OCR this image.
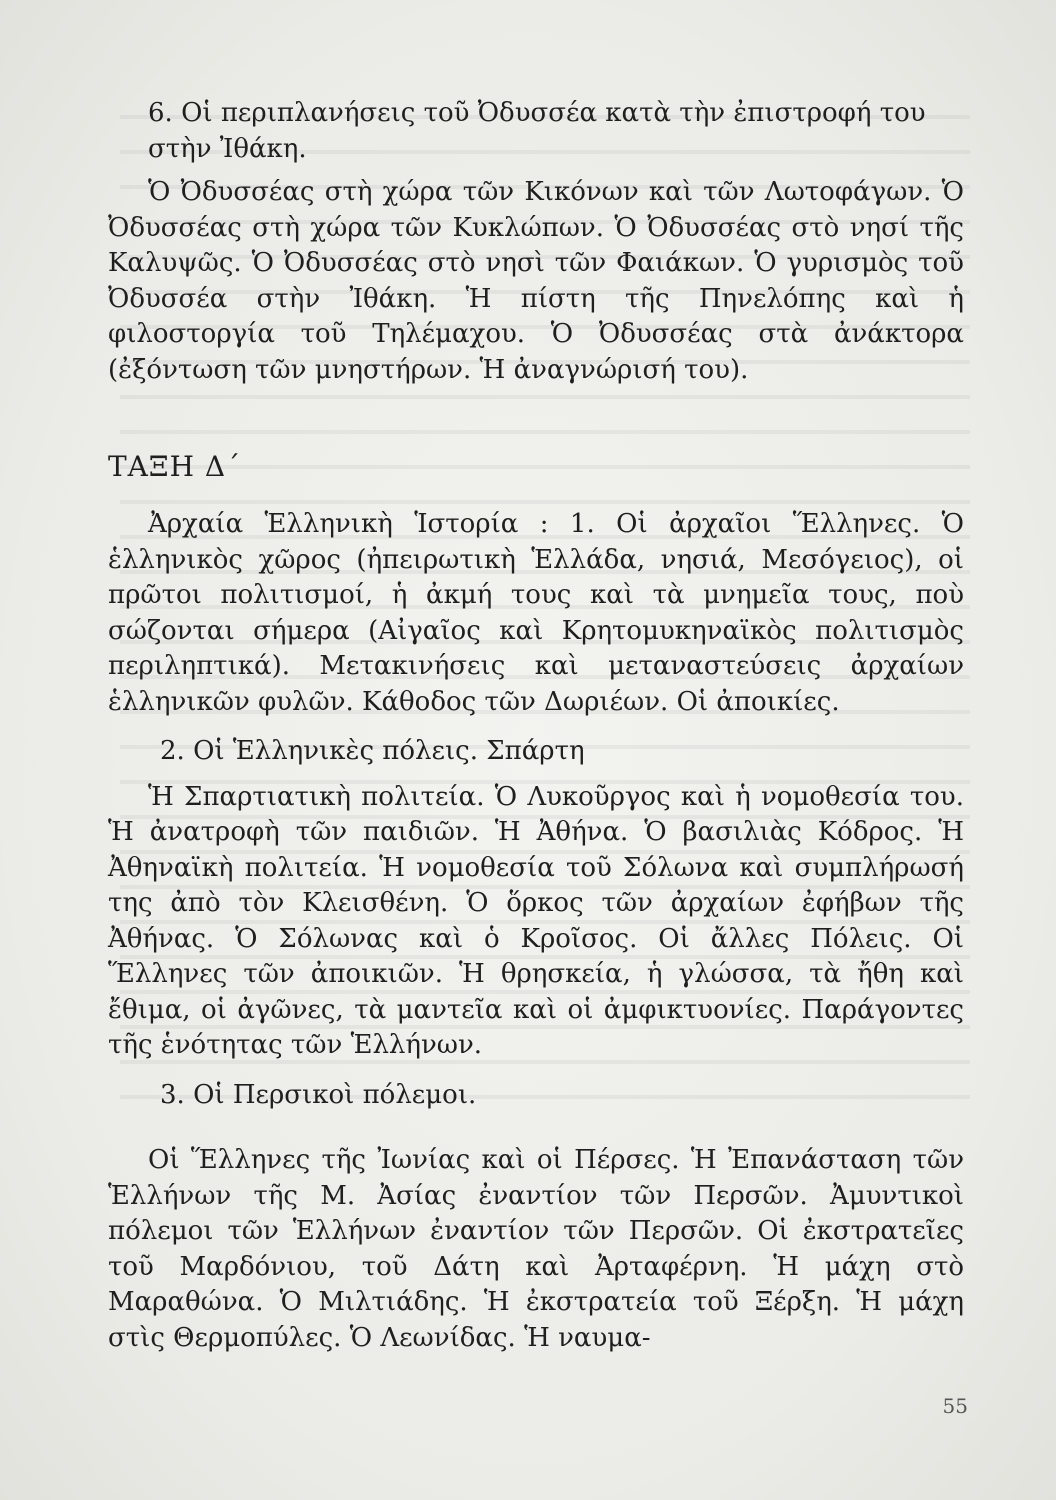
6. Οἱ περιπλανήσεις τοῦ Ὀδυσσέα κατὰ τὴν ἐπιστροφή του στὴν Ἰθάκη.

Ὁ Ὀδυσσέας στὴ χώρα τῶν Κικόνων καὶ τῶν Λωτοφάγων. Ὁ Ὀδυσσέας στὴ χώρα τῶν Κυκλώπων. Ὁ Ὀδυσσέας στὸ νησί τῆς Καλυψῶς. Ὁ Ὀδυσσέας στὸ νησὶ τῶν Φαιάκων. Ὁ γυρισμὸς τοῦ Ὀδυσσέα στὴν Ἰθάκη. Ἡ πίστη τῆς Πηνελόπης καὶ ἡ φιλοστοργία τοῦ Τηλέμαχου. Ὁ Ὀδυσσέας στὰ ἀνάκτορα (ἐξόντωση τῶν μνηστήρων. Ἡ ἀναγνώρισή του).

ΤΑΞΗ Δ΄

Ἀρχαία Ἑλληνικὴ Ἱστορία : 1. Οἱ ἀρχαῖοι Ἕλληνες. Ὁ ἑλληνικὸς χῶρος (ἠπειρωτικὴ Ἑλλάδα, νησιά, Μεσόγειος), οἱ πρῶτοι πολιτισμοί, ἡ ἀκμή τους καὶ τὰ μνημεῖα τους, ποὺ σώζονται σήμερα (Αἰγαῖος καὶ Κρητομυκηναϊκὸς πολιτισμὸς περιληπτικά). Μετακινήσεις καὶ μεταναστεύσεις ἀρχαίων ἑλληνικῶν φυλῶν. Κάθοδος τῶν Δωριέων. Οἱ ἀποικίες.

2. Οἱ Ἑλληνικὲς πόλεις. Σπάρτη

Ἡ Σπαρτιατικὴ πολιτεία. Ὁ Λυκοῦργος καὶ ἡ νομοθεσία του. Ἡ ἀνατροφὴ τῶν παιδιῶν. Ἡ Ἀθήνα. Ὁ βασιλιὰς Κόδρος. Ἡ Ἀθηναϊκὴ πολιτεία. Ἡ νομοθεσία τοῦ Σόλωνα καὶ συμπλήρωσή της ἀπὸ τὸν Κλεισθένη. Ὁ ὅρκος τῶν ἀρχαίων ἐφήβων τῆς Ἀθήνας. Ὁ Σόλωνας καὶ ὁ Κροῖσος. Οἱ ἄλλες Πόλεις. Οἱ Ἕλληνες τῶν ἀποικιῶν. Ἡ θρησκεία, ἡ γλώσσα, τὰ ἤθη καὶ ἔθιμα, οἱ ἀγῶνες, τὰ μαντεῖα καὶ οἱ ἀμφικτυονίες. Παράγοντες τῆς ἑνότητας τῶν Ἑλλήνων.

3. Οἱ Περσικοὶ πόλεμοι.

Οἱ Ἕλληνες τῆς Ἰωνίας καὶ οἱ Πέρσες. Ἡ Ἐπανάσταση τῶν Ἑλλήνων τῆς Μ. Ἀσίας ἐναντίον τῶν Περσῶν. Ἀμυντικοὶ πόλεμοι τῶν Ἑλλήνων ἐναντίον τῶν Περσῶν. Οἱ ἐκστρατεῖες τοῦ Μαρδόνιου, τοῦ Δάτη καὶ Ἀρταφέρνη. Ἡ μάχη στὸ Μαραθώνα. Ὁ Μιλτιάδης. Ἡ ἐκστρατεία τοῦ Ξέρξη. Ἡ μάχη στὶς Θερμοπύλες. Ὁ Λεωνίδας. Ἡ ναυμα-

55
